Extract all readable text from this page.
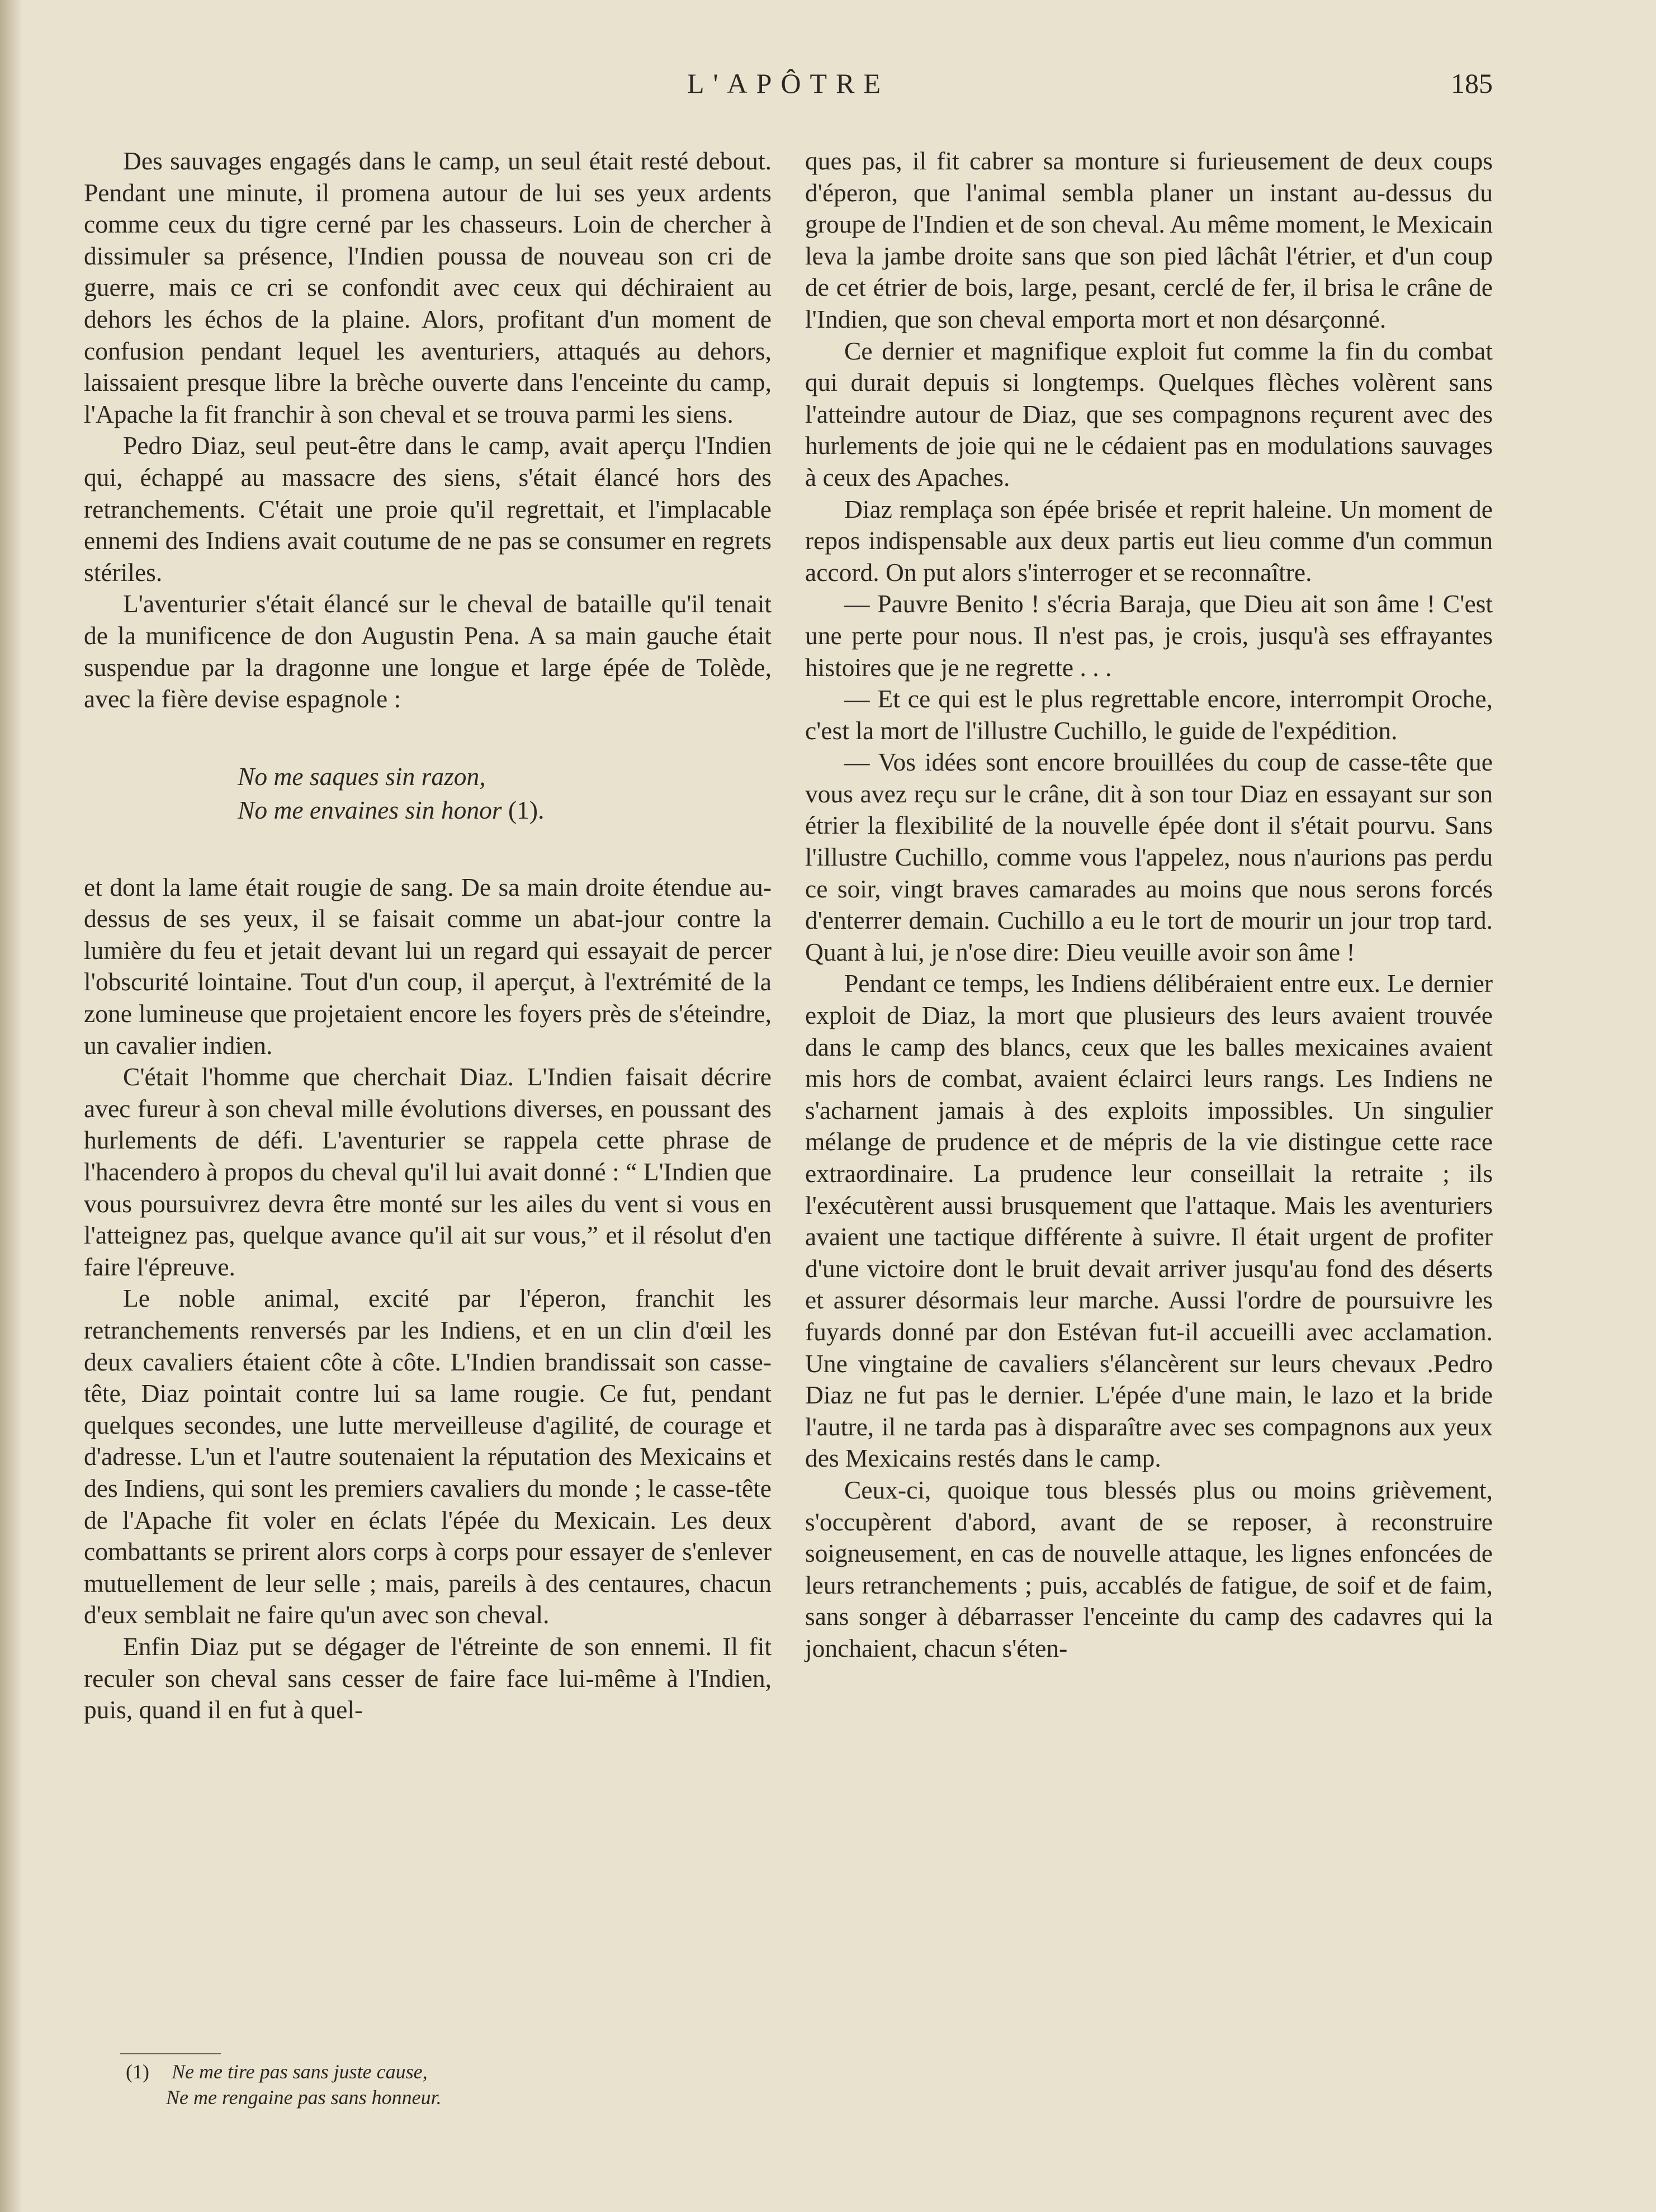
L'APÔTRE	185

Des sauvages engagés dans le camp, un seul était resté debout. Pendant une minute, il promena autour de lui ses yeux ardents comme ceux du tigre cerné par les chasseurs. Loin de chercher à dissimuler sa présence, l'Indien poussa de nouveau son cri de guerre, mais ce cri se confondit avec ceux qui déchiraient au dehors les échos de la plaine. Alors, profitant d'un moment de confusion pendant lequel les aventuriers, attaqués au dehors, laissaient presque libre la brèche ouverte dans l'enceinte du camp, l'Apache la fit franchir à son cheval et se trouva parmi les siens.

Pedro Diaz, seul peut-être dans le camp, avait aperçu l'Indien qui, échappé au massacre des siens, s'était élancé hors des retranchements. C'était une proie qu'il regrettait, et l'implacable ennemi des Indiens avait coutume de ne pas se consumer en regrets stériles.

L'aventurier s'était élancé sur le cheval de bataille qu'il tenait de la munificence de don Augustin Pena. A sa main gauche était suspendue par la dragonne une longue et large épée de Tolède, avec la fière devise espagnole :

No me saques sin razon,
No me envaines sin honor (1).

et dont la lame était rougie de sang. De sa main droite étendue au-dessus de ses yeux, il se faisait comme un abat-jour contre la lumière du feu et jetait devant lui un regard qui essayait de percer l'obscurité lointaine. Tout d'un coup, il aperçut, à l'extrémité de la zone lumineuse que projetaient encore les foyers près de s'éteindre, un cavalier indien.

C'était l'homme que cherchait Diaz. L'Indien faisait décrire avec fureur à son cheval mille évolutions diverses, en poussant des hurlements de défi. L'aventurier se rappela cette phrase de l'hacendero à propos du cheval qu'il lui avait donné : “ L'Indien que vous poursuivrez devra être monté sur les ailes du vent si vous en l'atteignez pas, quelque avance qu'il ait sur vous,” et il résolut d'en faire l'épreuve.

Le noble animal, excité par l'éperon, franchit les retranchements renversés par les Indiens, et en un clin d'œil les deux cavaliers étaient côte à côte. L'Indien brandissait son casse-tête, Diaz pointait contre lui sa lame rougie. Ce fut, pendant quelques secondes, une lutte merveilleuse d'agilité, de courage et d'adresse. L'un et l'autre soutenaient la réputation des Mexicains et des Indiens, qui sont les premiers cavaliers du monde ; le casse-tête de l'Apache fit voler en éclats l'épée du Mexicain. Les deux combattants se prirent alors corps à corps pour essayer de s'enlever mutuellement de leur selle ; mais, pareils à des centaures, chacun d'eux semblait ne faire qu'un avec son cheval.

Enfin Diaz put se dégager de l'étreinte de son ennemi. Il fit reculer son cheval sans cesser de faire face lui-même à l'Indien, puis, quand il en fut à quel-

ques pas, il fit cabrer sa monture si furieusement de deux coups d'éperon, que l'animal sembla planer un instant au-dessus du groupe de l'Indien et de son cheval. Au même moment, le Mexicain leva la jambe droite sans que son pied lâchât l'étrier, et d'un coup de cet étrier de bois, large, pesant, cerclé de fer, il brisa le crâne de l'Indien, que son cheval emporta mort et non désarçonné.

Ce dernier et magnifique exploit fut comme la fin du combat qui durait depuis si longtemps. Quelques flèches volèrent sans l'atteindre autour de Diaz, que ses compagnons reçurent avec des hurlements de joie qui ne le cédaient pas en modulations sauvages à ceux des Apaches.

Diaz remplaça son épée brisée et reprit haleine. Un moment de repos indispensable aux deux partis eut lieu comme d'un commun accord. On put alors s'interroger et se reconnaître.

— Pauvre Benito ! s'écria Baraja, que Dieu ait son âme ! C'est une perte pour nous. Il n'est pas, je crois, jusqu'à ses effrayantes histoires que je ne regrette . . .

— Et ce qui est le plus regrettable encore, interrompit Oroche, c'est la mort de l'illustre Cuchillo, le guide de l'expédition.

— Vos idées sont encore brouillées du coup de casse-tête que vous avez reçu sur le crâne, dit à son tour Diaz en essayant sur son étrier la flexibilité de la nouvelle épée dont il s'était pourvu. Sans l'illustre Cuchillo, comme vous l'appelez, nous n'aurions pas perdu ce soir, vingt braves camarades au moins que nous serons forcés d'enterrer demain. Cuchillo a eu le tort de mourir un jour trop tard. Quant à lui, je n'ose dire: Dieu veuille avoir son âme !

Pendant ce temps, les Indiens délibéraient entre eux. Le dernier exploit de Diaz, la mort que plusieurs des leurs avaient trouvée dans le camp des blancs, ceux que les balles mexicaines avaient mis hors de combat, avaient éclairci leurs rangs. Les Indiens ne s'acharnent jamais à des exploits impossibles. Un singulier mélange de prudence et de mépris de la vie distingue cette race extraordinaire. La prudence leur conseillait la retraite ; ils l'exécutèrent aussi brusquement que l'attaque. Mais les aventuriers avaient une tactique différente à suivre. Il était urgent de profiter d'une victoire dont le bruit devait arriver jusqu'au fond des déserts et assurer désormais leur marche. Aussi l'ordre de poursuivre les fuyards donné par don Estévan fut-il accueilli avec acclamation. Une vingtaine de cavaliers s'élancèrent sur leurs chevaux .Pedro Diaz ne fut pas le dernier. L'épée d'une main, le lazo et la bride l'autre, il ne tarda pas à disparaître avec ses compagnons aux yeux des Mexicains restés dans le camp.

Ceux-ci, quoique tous blessés plus ou moins grièvement, s'occupèrent d'abord, avant de se reposer, à reconstruire soigneusement, en cas de nouvelle attaque, les lignes enfoncées de leurs retranchements ; puis, accablés de fatigue, de soif et de faim, sans songer à débarrasser l'enceinte du camp des cadavres qui la jonchaient, chacun s'éten-

(1) Ne me tire pas sans juste cause,
Ne me rengaine pas sans honneur.
